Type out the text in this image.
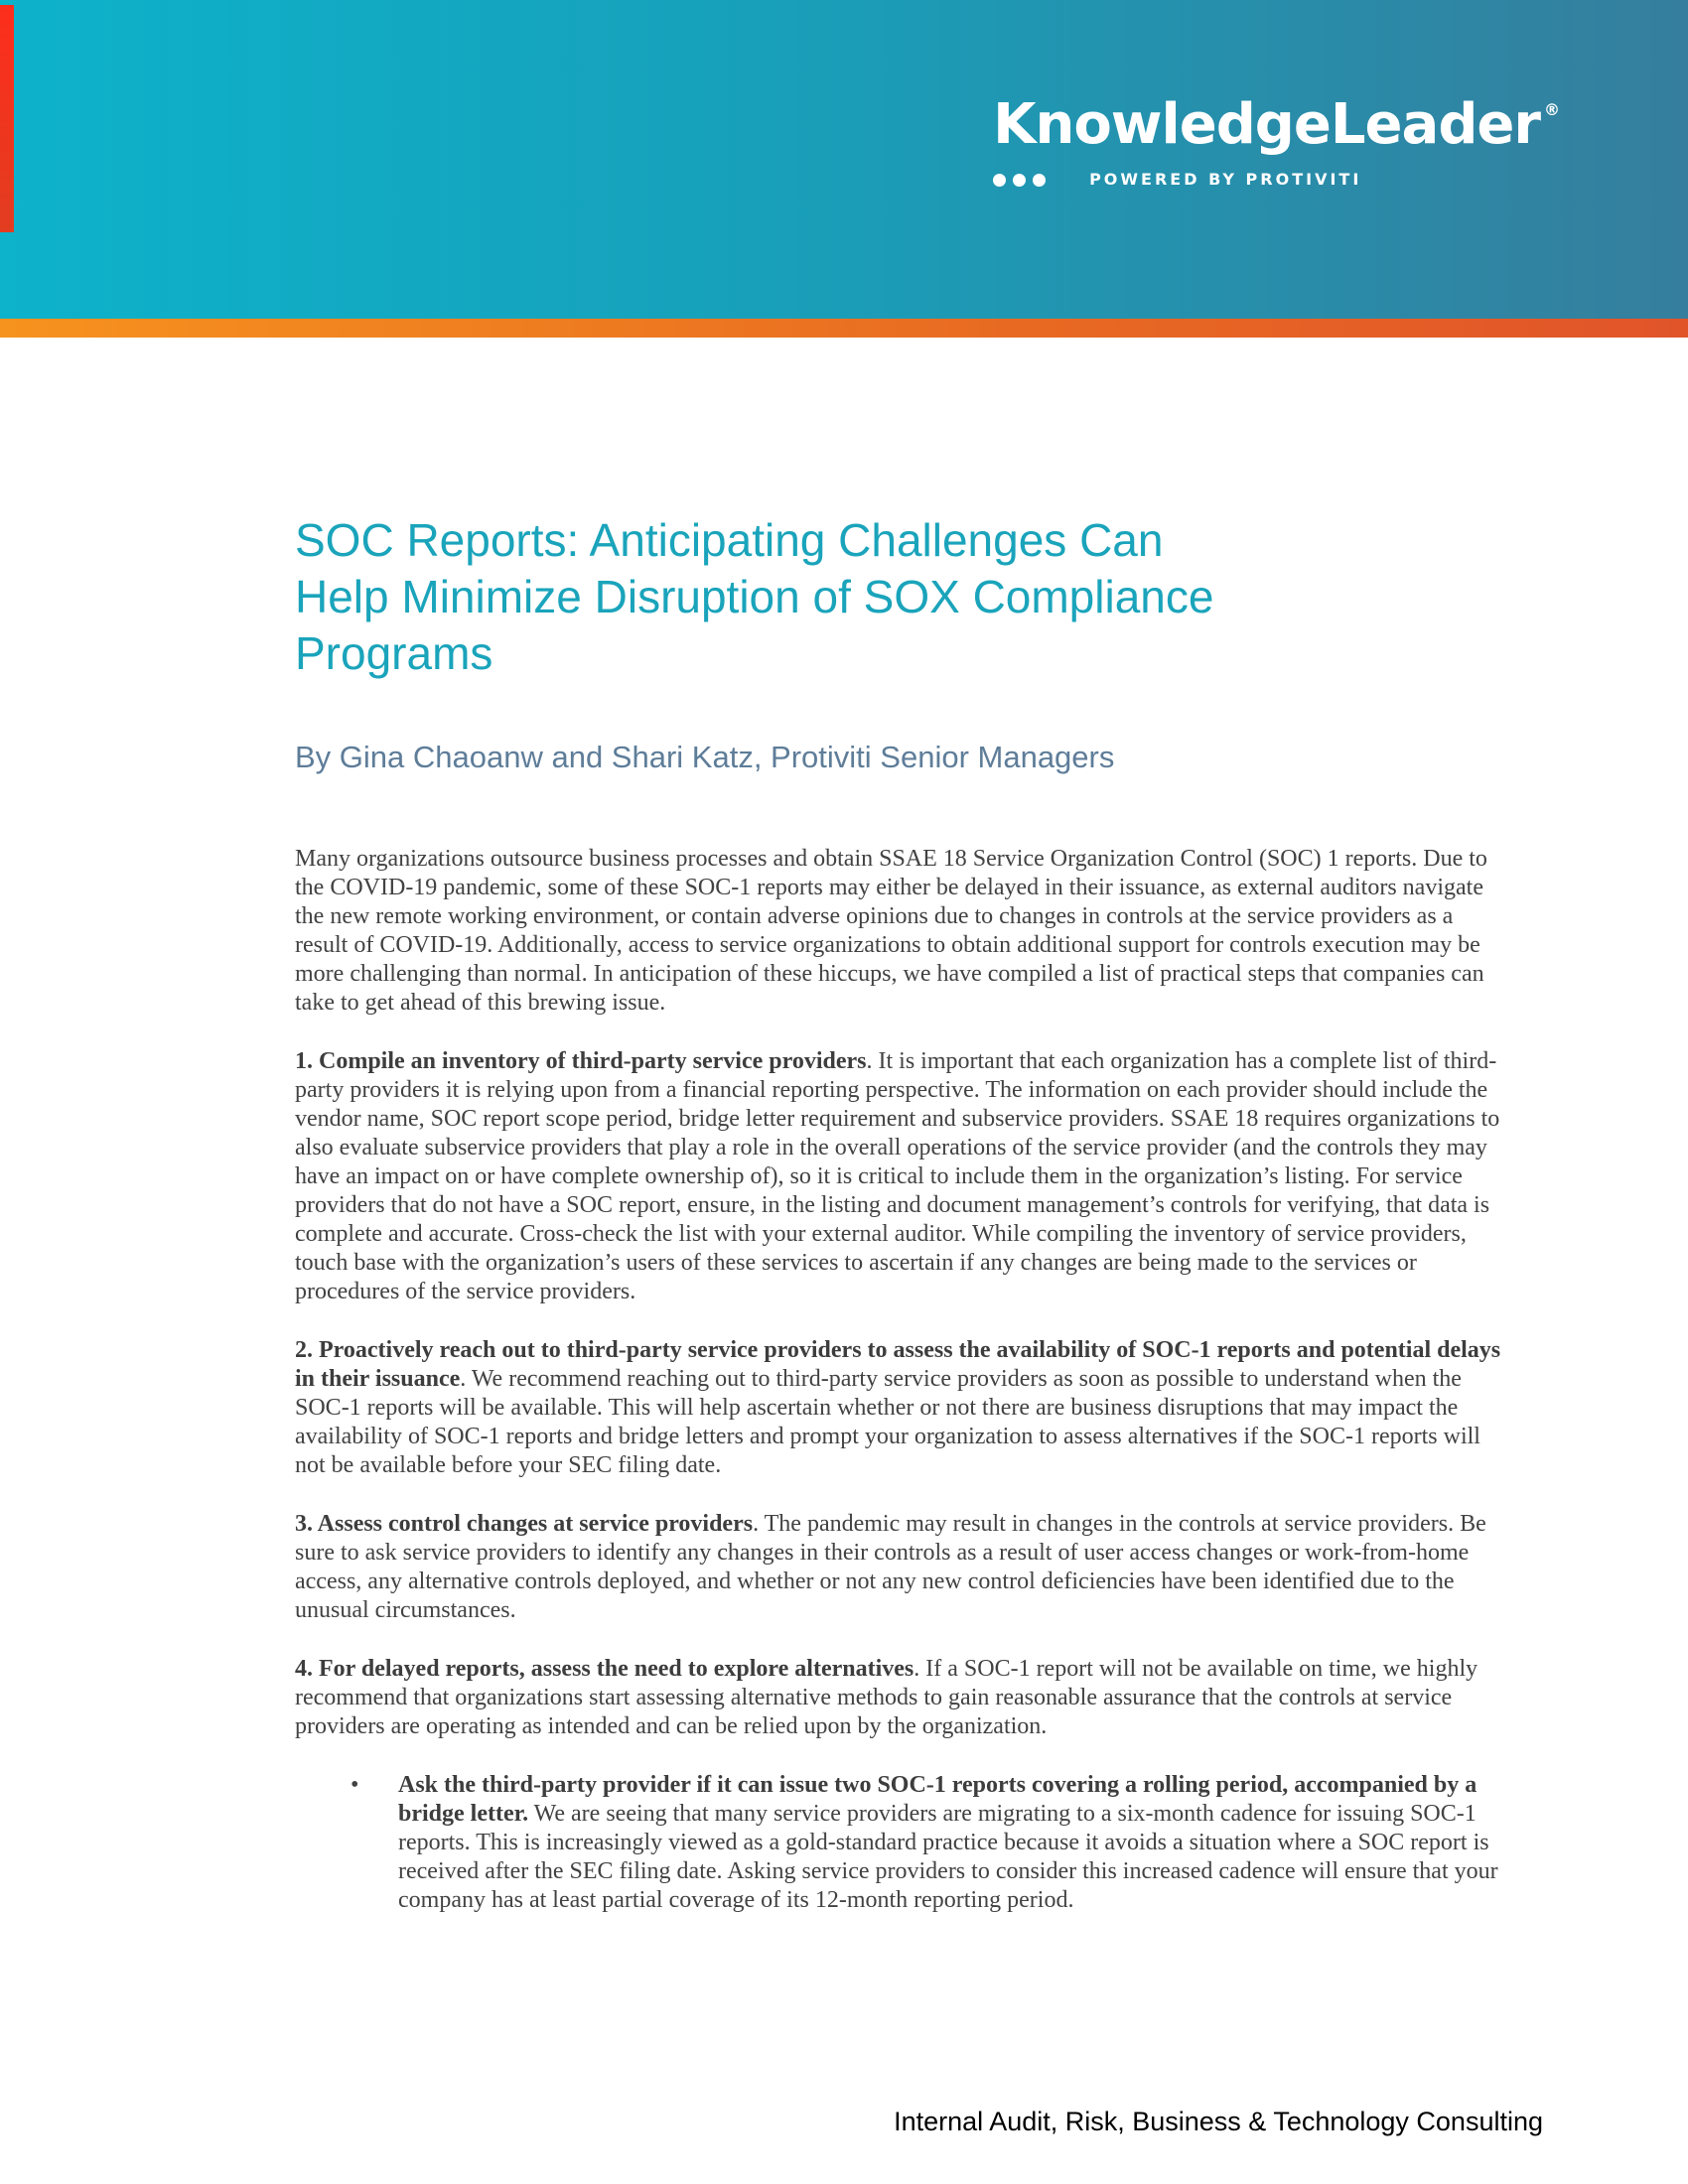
KnowledgeLeader ®
POWERED BY PROTIVITI
SOC Reports: Anticipating Challenges Can
Help Minimize Disruption of SOX Compliance
Programs

By Gina Chaoanw and Shari Katz, Protiviti Senior Managers

Many organizations outsource business processes and obtain SSAE 18 Service Organization Control (SOC) 1 reports. Due to the COVID-19 pandemic, some of these SOC-1 reports may either be delayed in their issuance, as external auditors navigate the new remote working environment, or contain adverse opinions due to changes in controls at the service providers as a result of COVID-19. Additionally, access to service organizations to obtain additional support for controls execution may be more challenging than normal. In anticipation of these hiccups, we have compiled a list of practical steps that companies can take to get ahead of this brewing issue.

1. Compile an inventory of third-party service providers. It is important that each organization has a complete list of third-party providers it is relying upon from a financial reporting perspective. The information on each provider should include the vendor name, SOC report scope period, bridge letter requirement and subservice providers. SSAE 18 requires organizations to also evaluate subservice providers that play a role in the overall operations of the service provider (and the controls they may have an impact on or have complete ownership of), so it is critical to include them in the organization’s listing. For service providers that do not have a SOC report, ensure, in the listing and document management’s controls for verifying, that data is complete and accurate. Cross-check the list with your external auditor. While compiling the inventory of service providers, touch base with the organization’s users of these services to ascertain if any changes are being made to the services or procedures of the service providers.

2. Proactively reach out to third-party service providers to assess the availability of SOC-1 reports and potential delays in their issuance. We recommend reaching out to third-party service providers as soon as possible to understand when the SOC-1 reports will be available. This will help ascertain whether or not there are business disruptions that may impact the availability of SOC-1 reports and bridge letters and prompt your organization to assess alternatives if the SOC-1 reports will not be available before your SEC filing date.

3. Assess control changes at service providers. The pandemic may result in changes in the controls at service providers. Be sure to ask service providers to identify any changes in their controls as a result of user access changes or work-from-home access, any alternative controls deployed, and whether or not any new control deficiencies have been identified due to the unusual circumstances.

4. For delayed reports, assess the need to explore alternatives. If a SOC-1 report will not be available on time, we highly recommend that organizations start assessing alternative methods to gain reasonable assurance that the controls at service providers are operating as intended and can be relied upon by the organization.

•	Ask the third-party provider if it can issue two SOC-1 reports covering a rolling period, accompanied by a bridge letter. We are seeing that many service providers are migrating to a six-month cadence for issuing SOC-1 reports. This is increasingly viewed as a gold-standard practice because it avoids a situation where a SOC report is received after the SEC filing date. Asking service providers to consider this increased cadence will ensure that your company has at least partial coverage of its 12-month reporting period.

Internal Audit, Risk, Business & Technology Consulting
